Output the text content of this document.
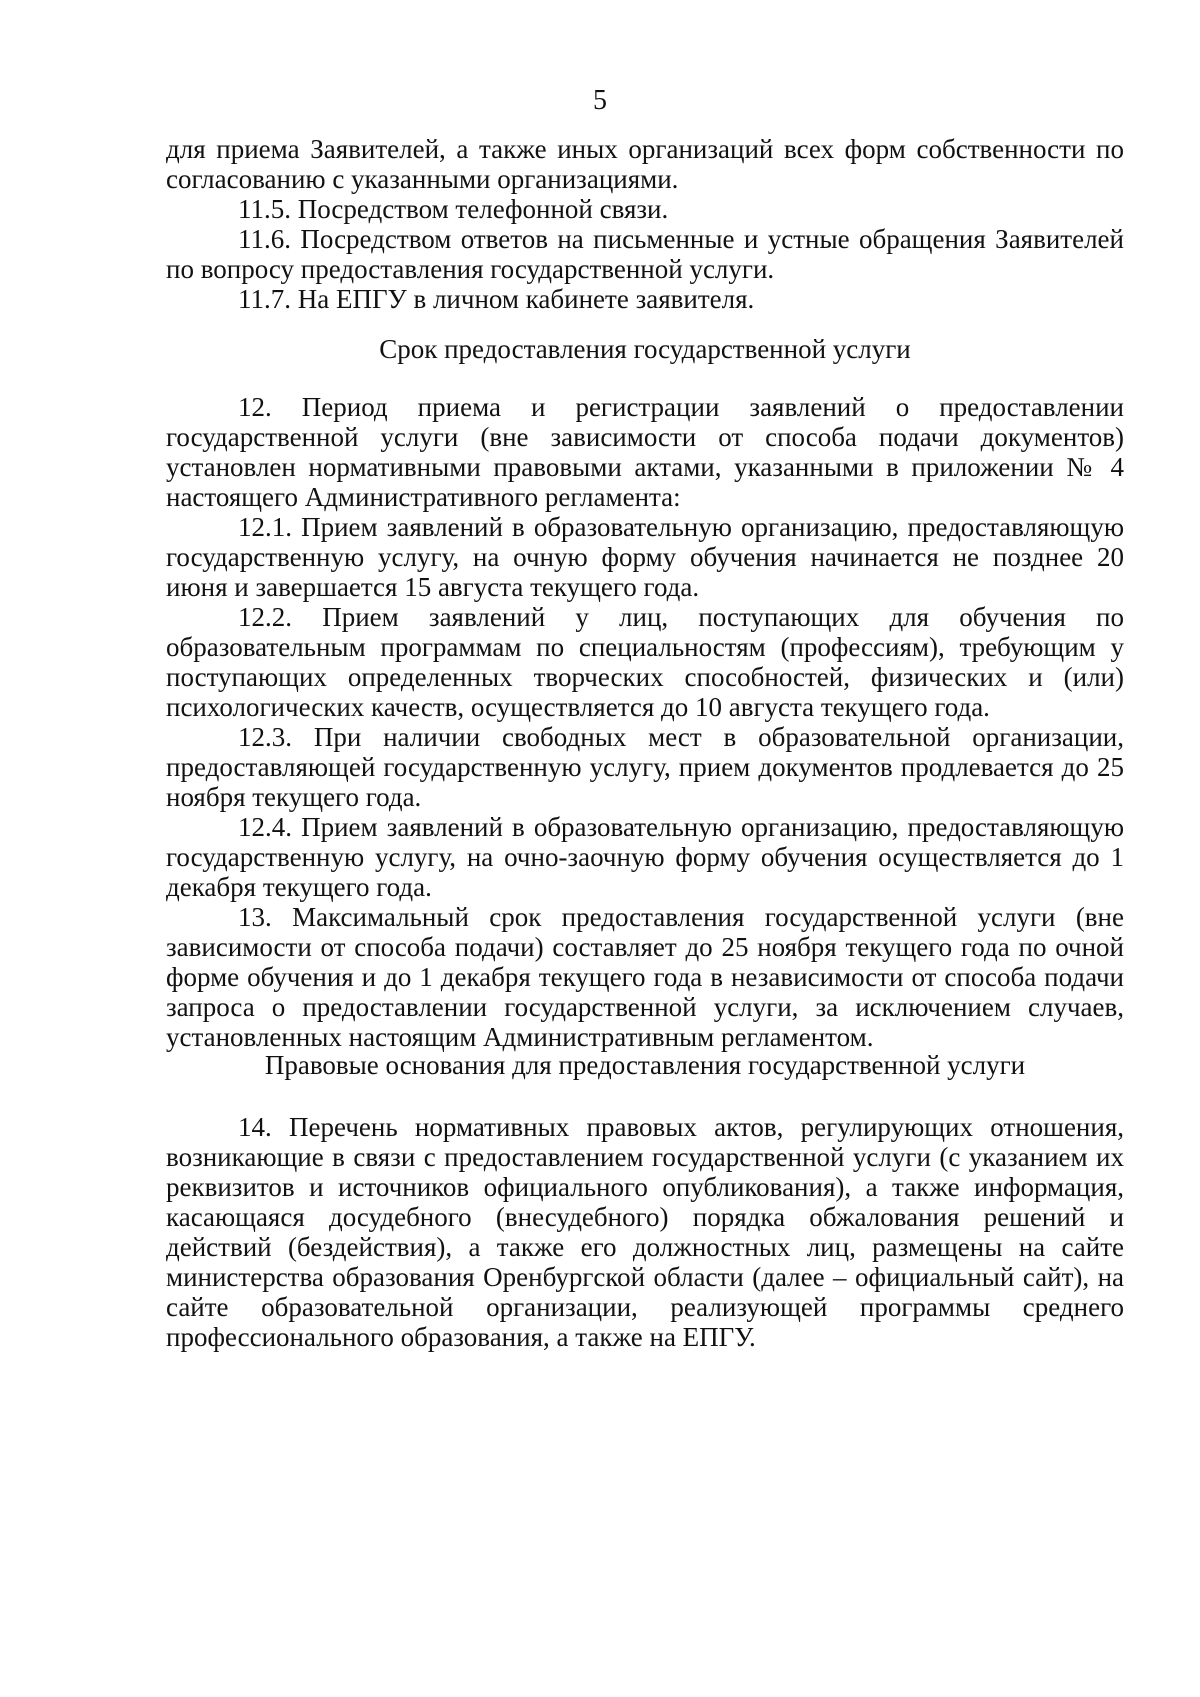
5

для приема Заявителей, а также иных организаций всех форм собственности по согласованию с указанными организациями.

11.5. Посредством телефонной связи.

11.6. Посредством ответов на письменные и устные обращения Заявителей по вопросу предоставления государственной услуги.

11.7. На ЕПГУ в личном кабинете заявителя.

Срок предоставления государственной услуги

12. Период приема и регистрации заявлений о предоставлении государственной услуги (вне зависимости от способа подачи документов) установлен нормативными правовыми актами, указанными в приложении № 4 настоящего Административного регламента:

12.1. Прием заявлений в образовательную организацию, предоставляющую государственную услугу, на очную форму обучения начинается не позднее 20 июня и завершается 15 августа текущего года.

12.2. Прием заявлений у лиц, поступающих для обучения по образовательным программам по специальностям (профессиям), требующим у поступающих определенных творческих способностей, физических и (или) психологических качеств, осуществляется до 10 августа текущего года.

12.3. При наличии свободных мест в образовательной организации, предоставляющей государственную услугу, прием документов продлевается до 25 ноября текущего года.

12.4. Прием заявлений в образовательную организацию, предоставляющую государственную услугу, на очно-заочную форму обучения осуществляется до 1 декабря текущего года.

13. Максимальный срок предоставления государственной услуги (вне зависимости от способа подачи) составляет до 25 ноября текущего года по очной форме обучения и до 1 декабря текущего года в независимости от способа подачи запроса о предоставлении государственной услуги, за исключением случаев, установленных настоящим Административным регламентом.

Правовые основания для предоставления государственной услуги

14. Перечень нормативных правовых актов, регулирующих отношения, возникающие в связи с предоставлением государственной услуги (с указанием их реквизитов и источников официального опубликования), а также информация, касающаяся досудебного (внесудебного) порядка обжалования решений и действий (бездействия), а также его должностных лиц, размещены на сайте министерства образования Оренбургской области (далее – официальный сайт), на сайте образовательной организации, реализующей программы среднего профессионального образования, а также на ЕПГУ.
